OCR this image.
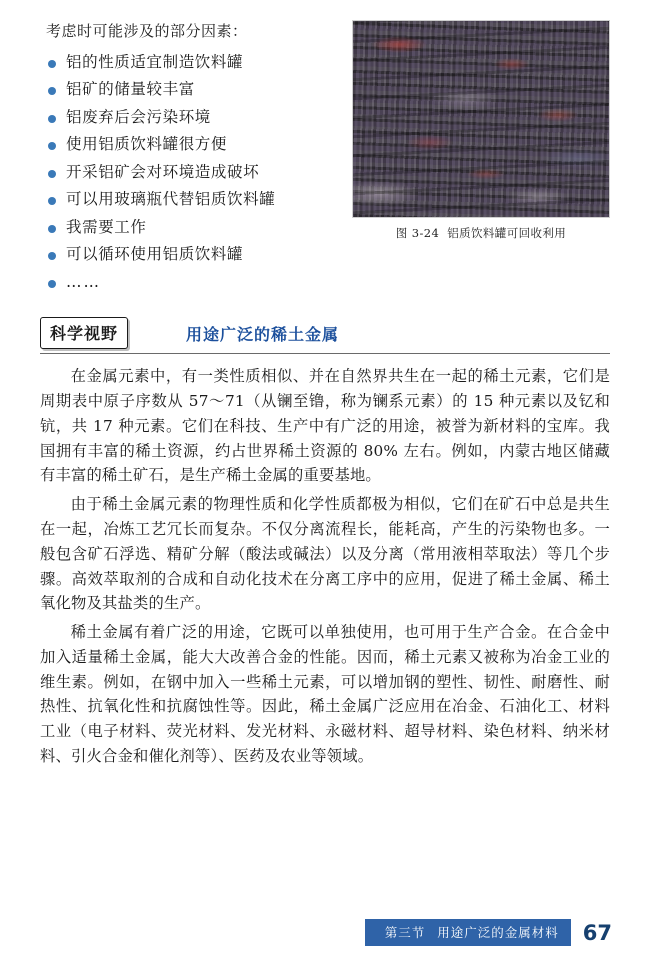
考虑时可能涉及的部分因素：

铝的性质适宜制造饮料罐
铝矿的储量较丰富
铝废弃后会污染环境
使用铝质饮料罐很方便
开采铝矿会对环境造成破坏
可以用玻璃瓶代替铝质饮料罐
我需要工作
可以循环使用铝质饮料罐
……
图 3-24 铝质饮料罐可回收利用
科学视野	用途广泛的稀土金属

在金属元素中，有一类性质相似、并在自然界共生在一起的稀土元素，它们是周期表中原子序数从 57～71（从镧至镥，称为镧系元素）的 15 种元素以及钇和钪，共 17 种元素。它们在科技、生产中有广泛的用途，被誉为新材料的宝库。我国拥有丰富的稀土资源，约占世界稀土资源的 80% 左右。例如，内蒙古地区储藏有丰富的稀土矿石，是生产稀土金属的重要基地。

由于稀土金属元素的物理性质和化学性质都极为相似，它们在矿石中总是共生在一起，冶炼工艺冗长而复杂。不仅分离流程长，能耗高，产生的污染物也多。一般包含矿石浮选、精矿分解（酸法或碱法）以及分离（常用液相萃取法）等几个步骤。高效萃取剂的合成和自动化技术在分离工序中的应用，促进了稀土金属、稀土氧化物及其盐类的生产。

稀土金属有着广泛的用途，它既可以单独使用，也可用于生产合金。在合金中加入适量稀土金属，能大大改善合金的性能。因而，稀土元素又被称为冶金工业的维生素。例如，在钢中加入一些稀土元素，可以增加钢的塑性、韧性、耐磨性、耐热性、抗氧化性和抗腐蚀性等。因此，稀土金属广泛应用在冶金、石油化工、材料工业（电子材料、荧光材料、发光材料、永磁材料、超导材料、染色材料、纳米材料、引火合金和催化剂等）、医药及农业等领域。

第三节 用途广泛的金属材料	67
